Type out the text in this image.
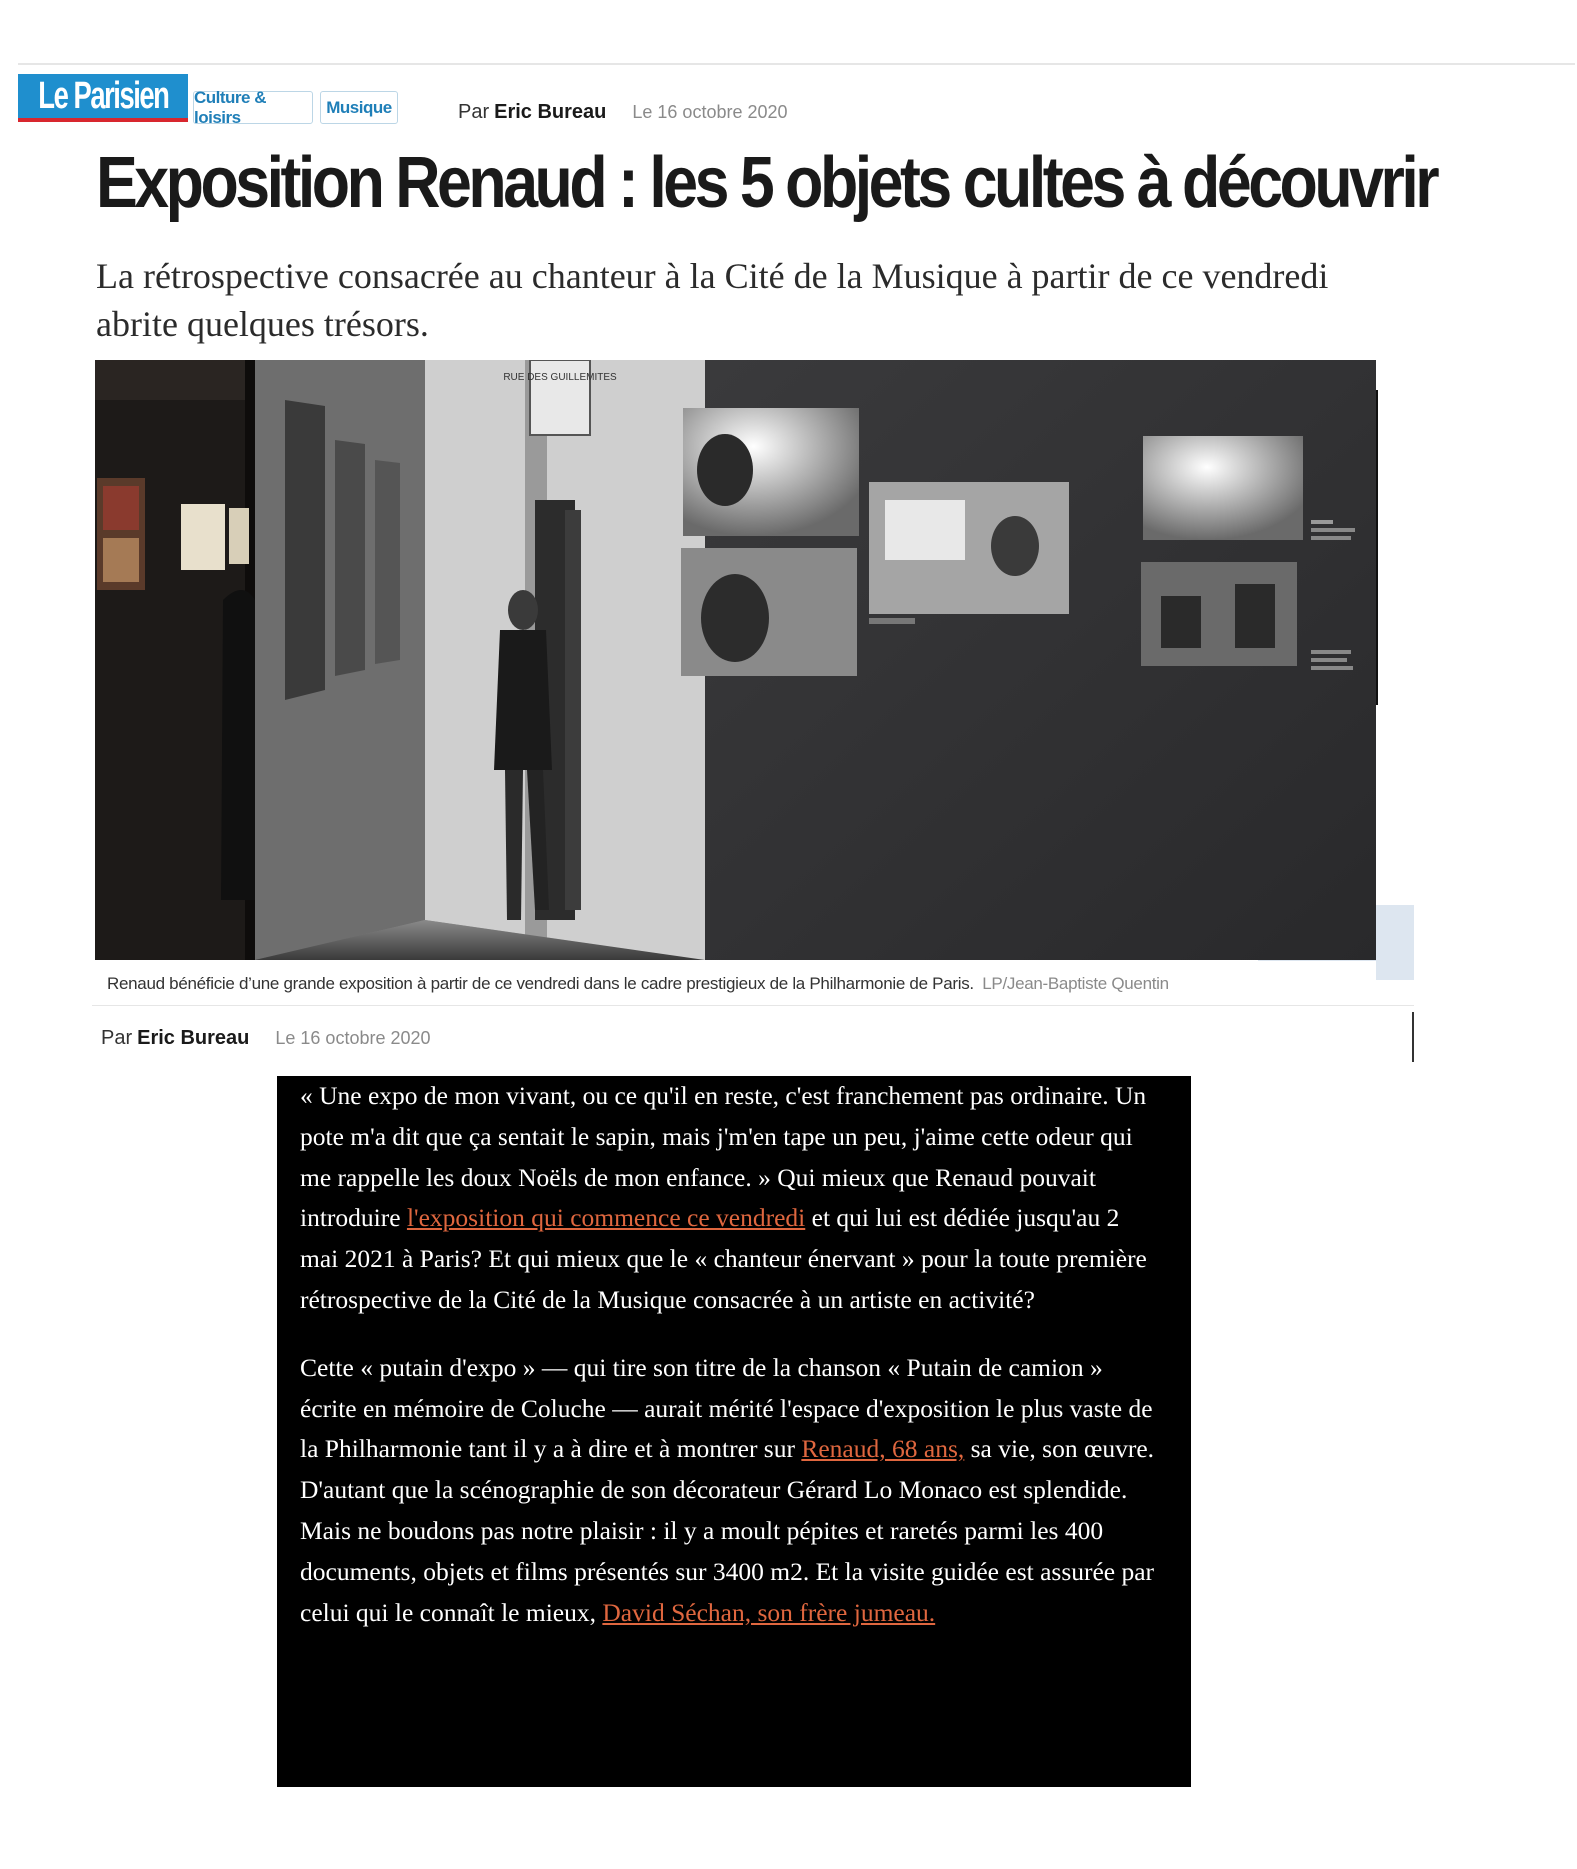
Le Parisien Culture & loisirs
Musique	Par Eric Bureau Le 16 octobre 2020
Exposition Renaud : les 5 objets cultes à découvrir

La rétrospective consacrée au chanteur à la Cité de la Musique à partir de ce vendredi abrite quelques trésors.

RUE DES GUILLEMITES
Renaud bénéficie d’une grande exposition à partir de ce vendredi dans le cadre prestigieux de la Philharmonie de Paris. LP/Jean-Baptiste Quentin
Par Eric Bureau Le 16 octobre 2020

« Une expo de mon vivant, ou ce qu'il en reste, c'est franchement pas ordinaire. Un pote m'a dit que ça sentait le sapin, mais j'm'en tape un peu, j'aime cette odeur qui me rappelle les doux Noëls de mon enfance. » Qui mieux que Renaud pouvait introduire l'exposition qui commence ce vendredi et qui lui est dédiée jusqu'au 2 mai 2021 à Paris? Et qui mieux que le « chanteur énervant » pour la toute première rétrospective de la Cité de la Musique consacrée à un artiste en activité?

Cette « putain d'expo » — qui tire son titre de la chanson « Putain de camion » écrite en mémoire de Coluche — aurait mérité l'espace d'exposition le plus vaste de la Philharmonie tant il y a à dire et à montrer sur Renaud, 68 ans, sa vie, son œuvre. D'autant que la scénographie de son décorateur Gérard Lo Monaco est splendide. Mais ne boudons pas notre plaisir : il y a moult pépites et raretés parmi les 400 documents, objets et films présentés sur 3400 m2. Et la visite guidée est assurée par celui qui le connaît le mieux, David Séchan, son frère jumeau.
